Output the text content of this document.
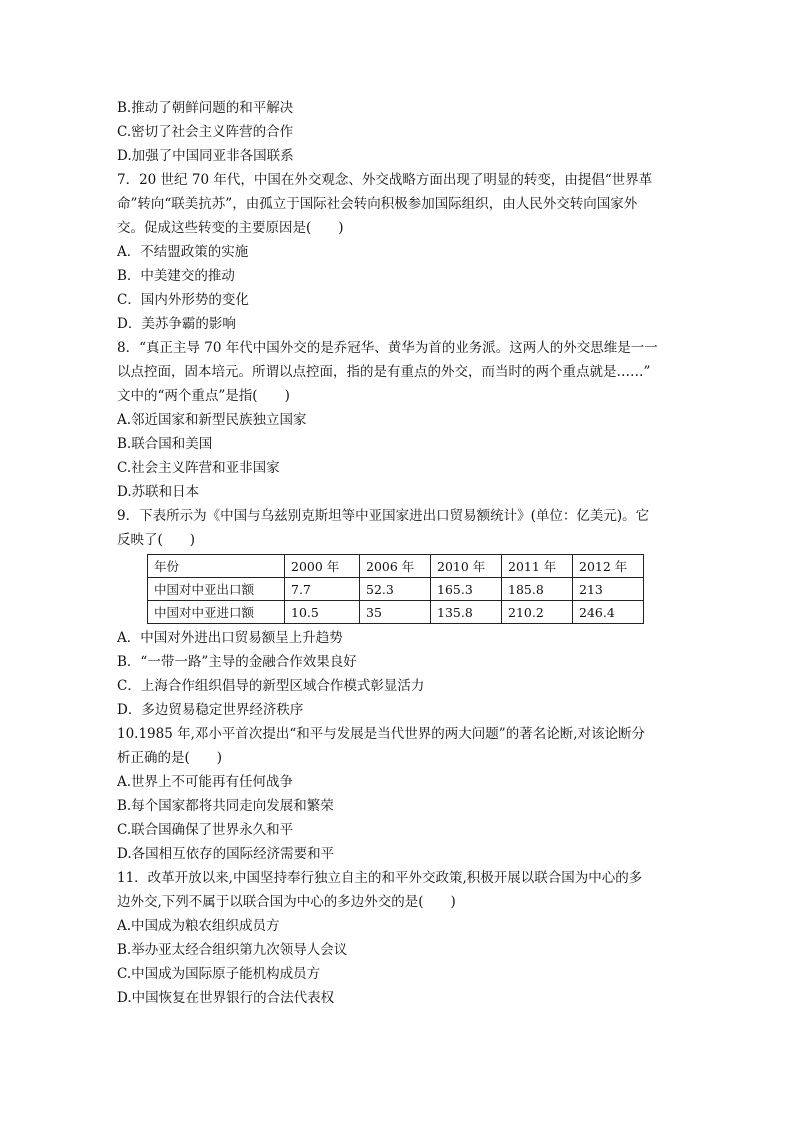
B.推动了朝鲜问题的和平解决
C.密切了社会主义阵营的合作
D.加强了中国同亚非各国联系
7．20 世纪 70 年代，中国在外交观念、外交战略方面出现了明显的转变，由提倡“世界革
命”转向“联美抗苏”，由孤立于国际社会转向积极参加国际组织，由人民外交转向国家外
交。促成这些转变的主要原因是(　　)
A．不结盟政策的实施
B．中美建交的推动
C．国内外形势的变化
D．美苏争霸的影响
8．“真正主导 70 年代中国外交的是乔冠华、黄华为首的业务派。这两人的外交思维是一一
以点控面，固本培元。所谓以点控面，指的是有重点的外交，而当时的两个重点就是……”
文中的“两个重点”是指(　　)
A.邻近国家和新型民族独立国家
B.联合国和美国
C.社会主义阵营和亚非国家
D.苏联和日本
9．下表所示为《中国与乌兹别克斯坦等中亚国家进出口贸易额统计》(单位：亿美元)。它
反映了(　　)
年份	2000 年	2006 年	2010 年	2011 年	2012 年
中国对中亚出口额	7.7	52.3	165.3	185.8	213
中国对中亚进口额	10.5	35	135.8	210.2	246.4
A．中国对外进出口贸易额呈上升趋势
B．“一带一路”主导的金融合作效果良好
C．上海合作组织倡导的新型区域合作模式彰显活力
D．多边贸易稳定世界经济秩序
10.1985 年,邓小平首次提出“和平与发展是当代世界的两大问题”的著名论断,对该论断分
析正确的是(　　)
A.世界上不可能再有任何战争
B.每个国家都将共同走向发展和繁荣
C.联合国确保了世界永久和平
D.各国相互依存的国际经济需要和平
11．改革开放以来,中国坚持奉行独立自主的和平外交政策,积极开展以联合国为中心的多
边外交,下列不属于以联合国为中心的多边外交的是(　　)
A.中国成为粮农组织成员方
B.举办亚太经合组织第九次领导人会议
C.中国成为国际原子能机构成员方
D.中国恢复在世界银行的合法代表权
